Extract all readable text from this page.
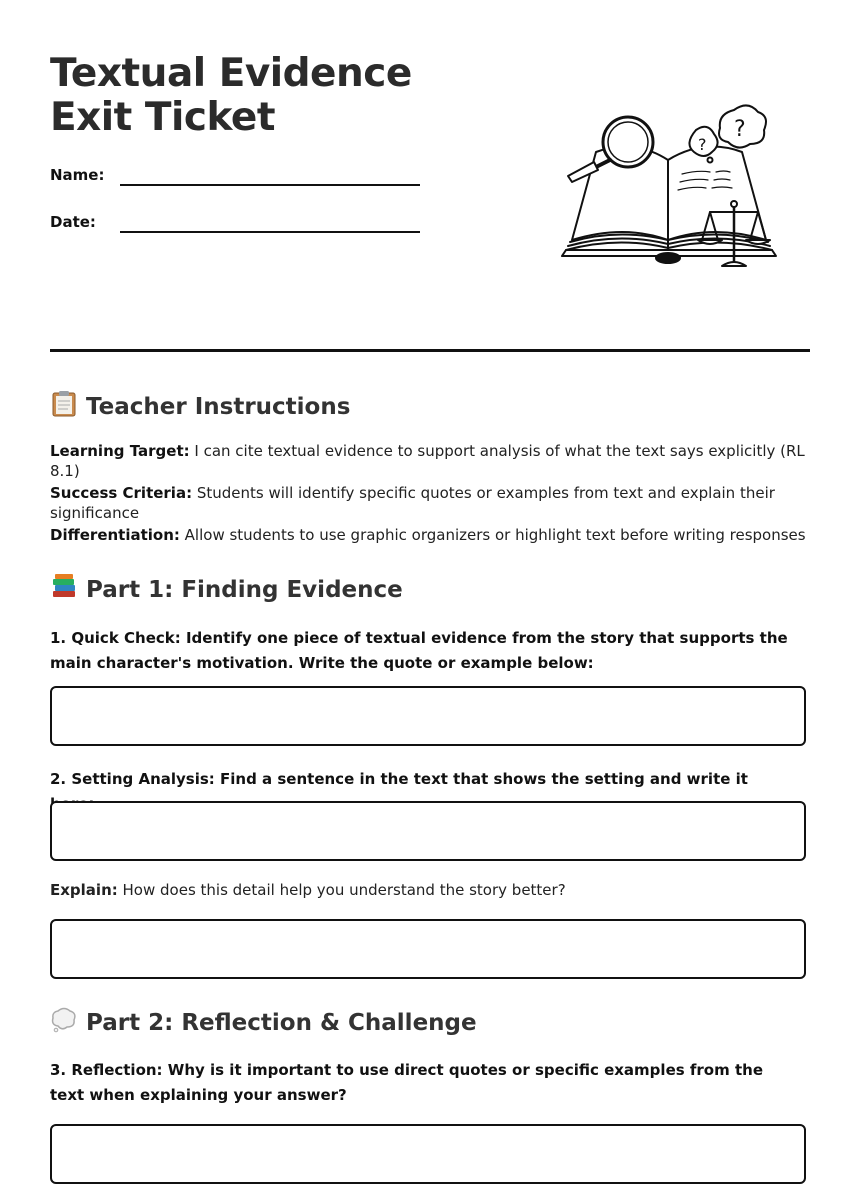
Textual Evidence Exit Ticket
Name:
Date:
?
?
Teacher Instructions

Learning Target: I can cite textual evidence to support analysis of what the text says explicitly (RL 8.1)

Success Criteria: Students will identify specific quotes or examples from text and explain their significance

Differentiation: Allow students to use graphic organizers or highlight text before writing responses

Part 1: Finding Evidence

1. Quick Check: Identify one piece of textual evidence from the story that supports the main character's motivation. Write the quote or example below:

2. Setting Analysis: Find a sentence in the text that shows the setting and write it

Explain: How does this detail help you understand the story better?

Part 2: Reflection & Challenge

3. Reflection: Why is it important to use direct quotes or specific examples from the text when explaining your answer?
